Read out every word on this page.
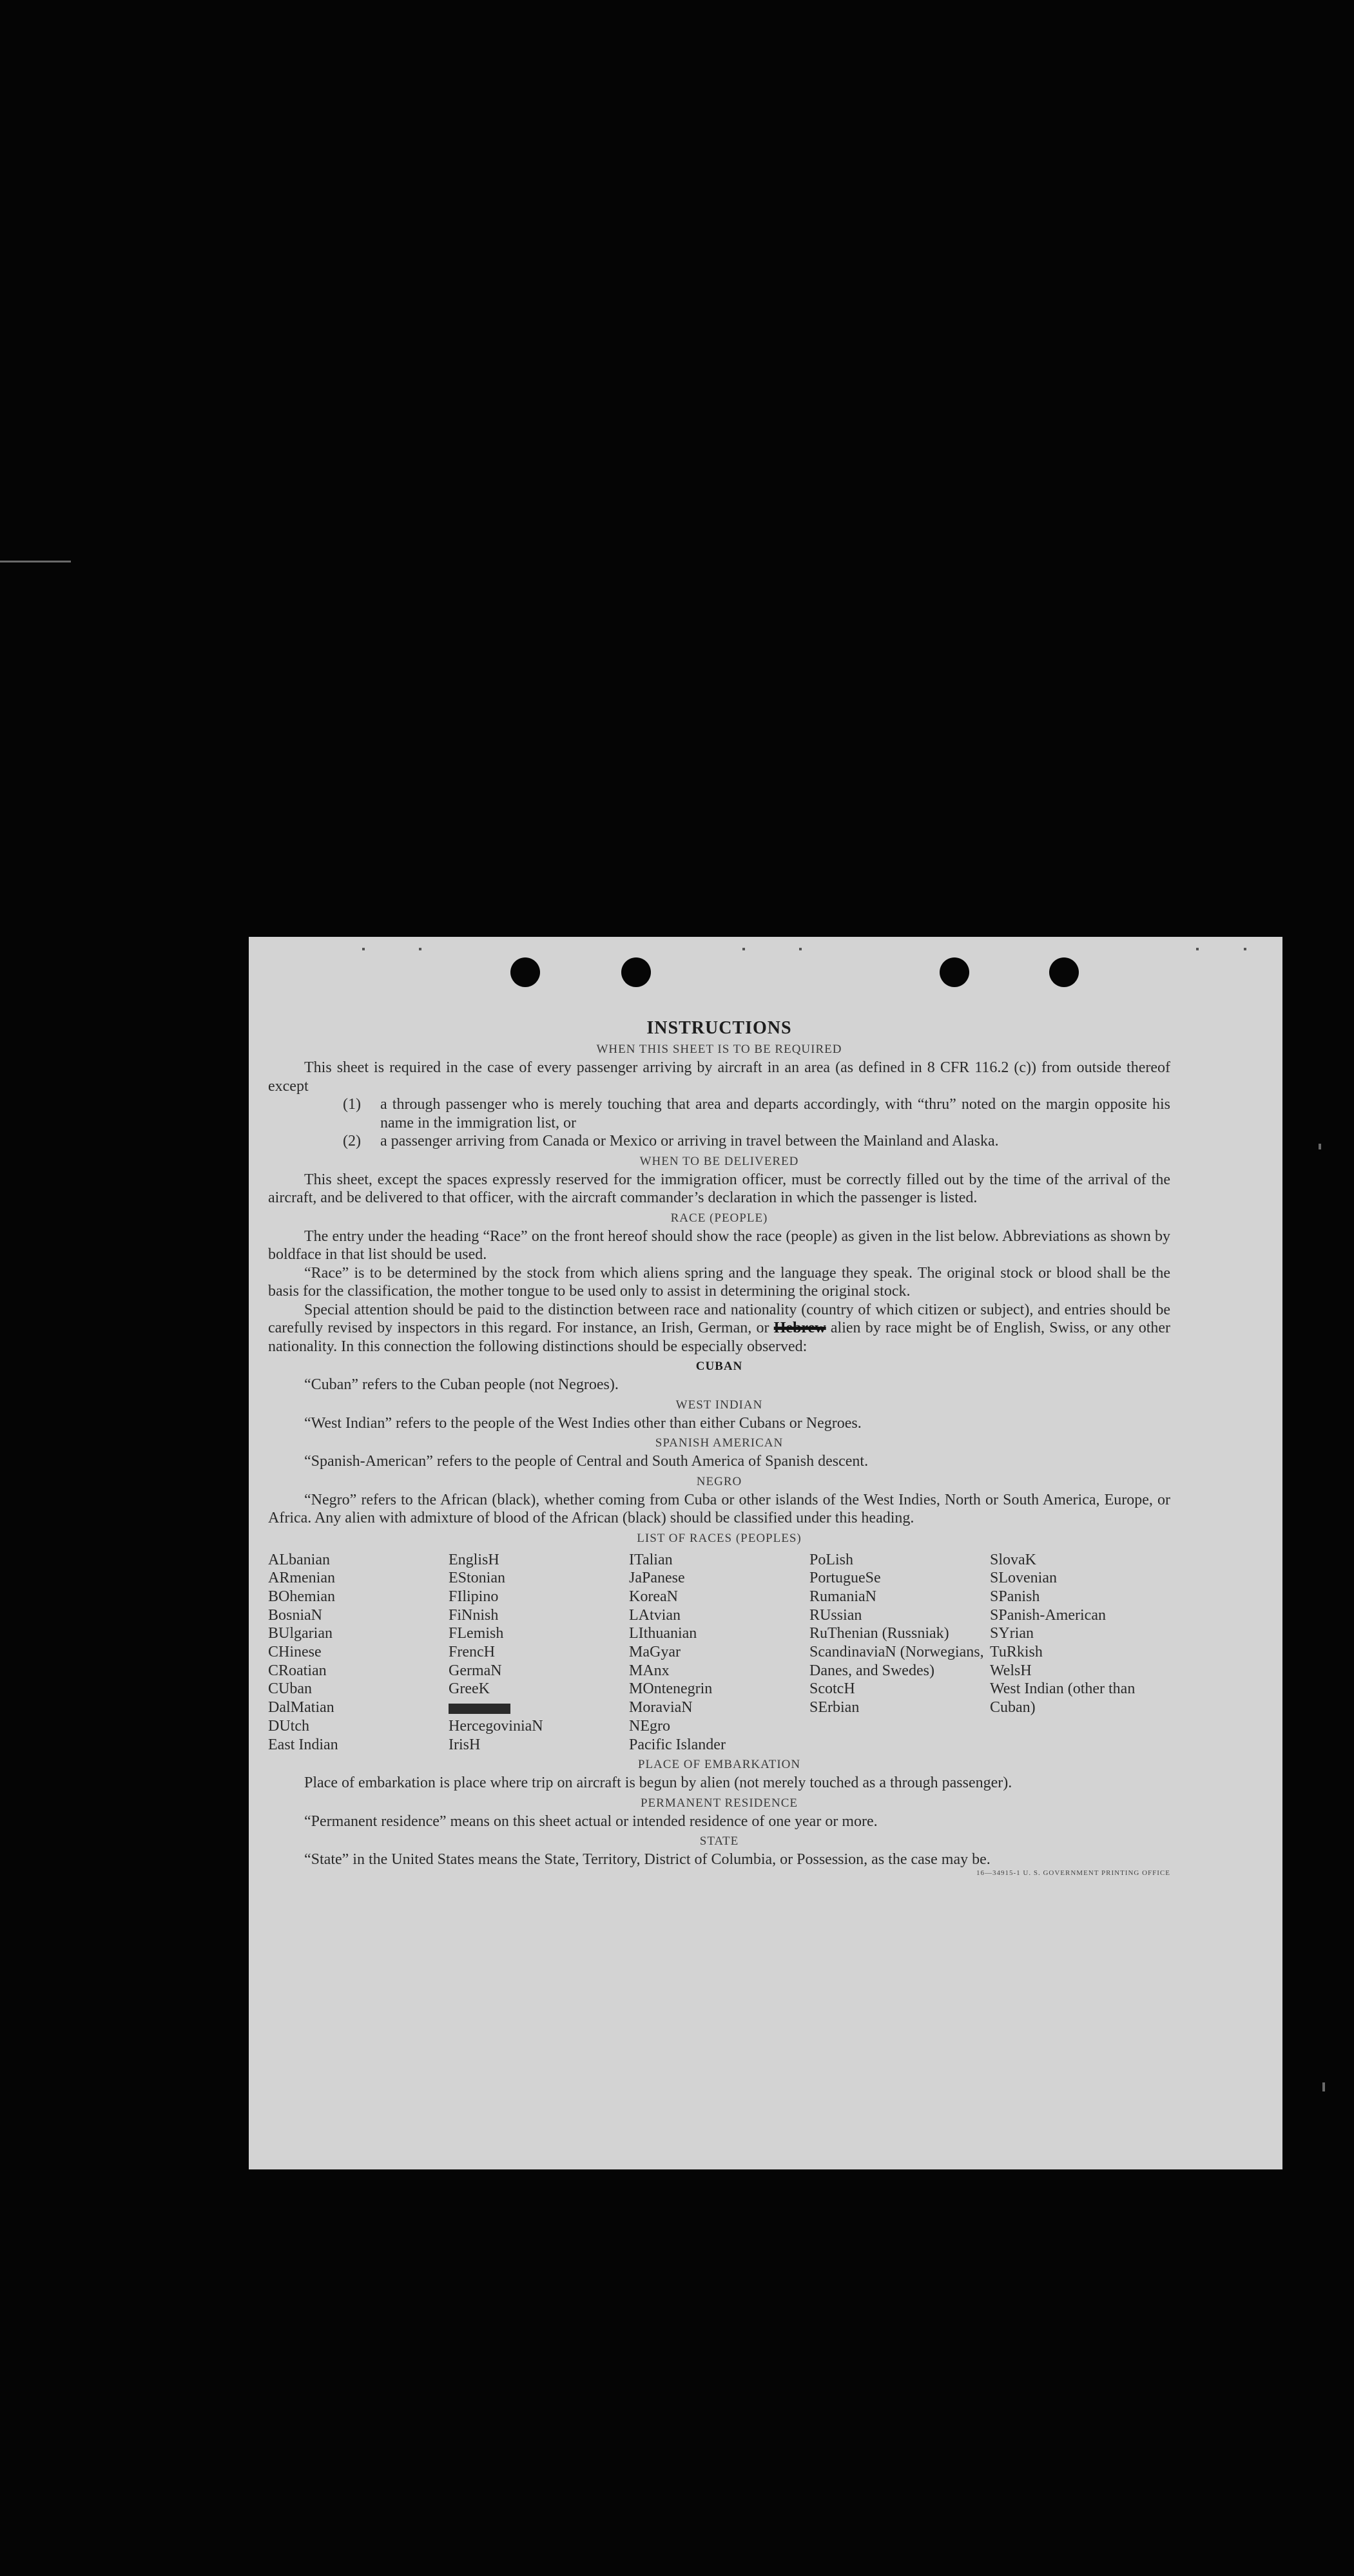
INSTRUCTIONS
WHEN THIS SHEET IS TO BE REQUIRED

This sheet is required in the case of every passenger arriving by aircraft in an area (as defined in 8 CFR 116.2 (c)) from outside thereof except

(1)	a through passenger who is merely touching that area and departs accordingly, with “thru” noted on the margin opposite his name in the immigration list, or
(2)	a passenger arriving from Canada or Mexico or arriving in travel between the Mainland and Alaska.
WHEN TO BE DELIVERED

This sheet, except the spaces expressly reserved for the immigration officer, must be correctly filled out by the time of the arrival of the aircraft, and be delivered to that officer, with the aircraft commander’s declaration in which the passenger is listed.

RACE (PEOPLE)

The entry under the heading “Race” on the front hereof should show the race (people) as given in the list below. Abbreviations as shown by boldface in that list should be used.

“Race” is to be determined by the stock from which aliens spring and the language they speak. The original stock or blood shall be the basis for the classification, the mother tongue to be used only to assist in determining the original stock.

Special attention should be paid to the distinction between race and nationality (country of which citizen or subject), and entries should be carefully revised by inspectors in this regard. For instance, an Irish, German, or Hebrew alien by race might be of English, Swiss, or any other nationality. In this connection the following distinctions should be especially observed:

CUBAN

“Cuban” refers to the Cuban people (not Negroes).

WEST INDIAN

“West Indian” refers to the people of the West Indies other than either Cubans or Negroes.

SPANISH AMERICAN

“Spanish-American” refers to the people of Central and South America of Spanish descent.

NEGRO

“Negro” refers to the African (black), whether coming from Cuba or other islands of the West Indies, North or South America, Europe, or Africa. Any alien with admixture of blood of the African (black) should be classified under this heading.

LIST OF RACES (PEOPLES)
ALbanian
ARmenian
BOhemian
BosniaN
BUlgarian
CHinese
CRoatian
CUban
DalMatian
DUtch
East Indian
EnglisH
EStonian
FIlipino
FiNnish
FLemish
FrencH
GermaN
GreeK
HercegoviniaN
IrisH
ITalian
JaPanese
KoreaN
LAtvian
LIthuanian
MaGyar
MAnx
MOntenegrin
MoraviaN
NEgro
Pacific Islander
PoLish
PortugueSe
RumaniaN
RUssian
RuThenian (Russniak)
ScandinaviaN (Norwegians, Danes, and Swedes)
ScotcH
SErbian
SlovaK
SLovenian
SPanish
SPanish-American
SYrian
TuRkish
WelsH
West Indian (other than Cuban)
PLACE OF EMBARKATION

Place of embarkation is place where trip on aircraft is begun by alien (not merely touched as a through passenger).

PERMANENT RESIDENCE

“Permanent residence” means on this sheet actual or intended residence of one year or more.

STATE

“State” in the United States means the State, Territory, District of Columbia, or Possession, as the case may be.

16—34915-1 U. S. GOVERNMENT PRINTING OFFICE
